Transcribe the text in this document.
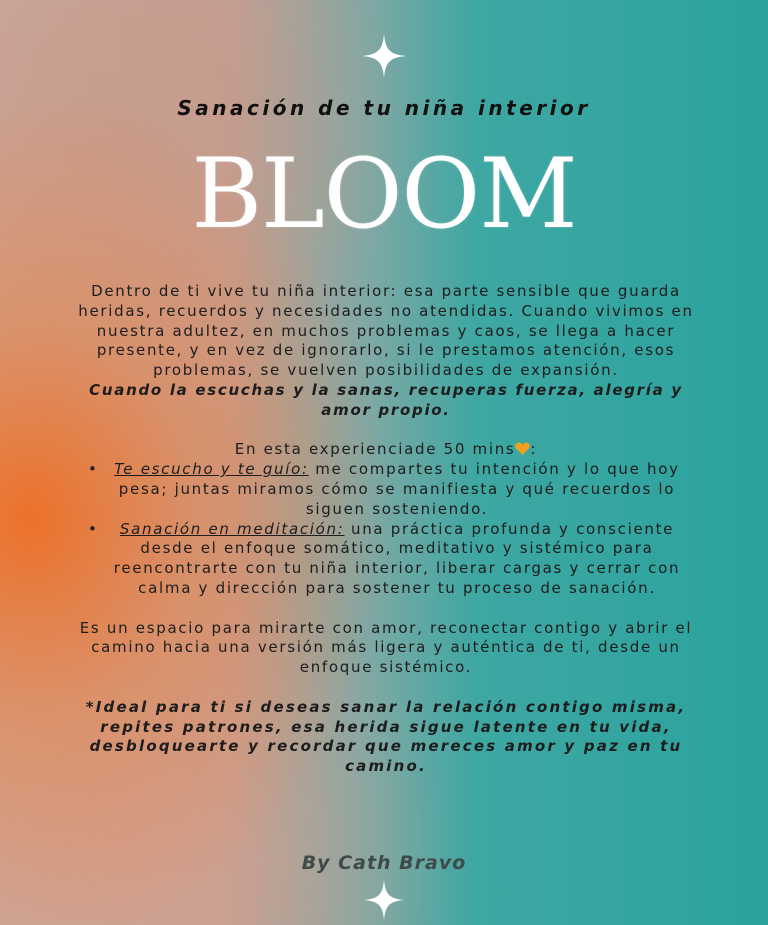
Sanación de tu niña interior
BLOOM

Dentro de ti vive tu niña interior: esa parte sensible que guarda heridas, recuerdos y necesidades no atendidas. Cuando vivimos en nuestra adultez, en muchos problemas y caos, se llega a hacer presente, y en vez de ignorarlo, si le prestamos atención, esos problemas, se vuelven posibilidades de expansión.

Cuando la escuchas y la sanas, recuperas fuerza, alegría y amor propio.

En esta experienciade 50 mins :

• Te escucho y te guío: me compartes tu intención y lo que hoy pesa; juntas miramos cómo se manifiesta y qué recuerdos lo siguen sosteniendo.
• Sanación en meditación: una práctica profunda y consciente desde el enfoque somático, meditativo y sistémico para reencontrarte con tu niña interior, liberar cargas y cerrar con calma y dirección para sostener tu proceso de sanación.

Es un espacio para mirarte con amor, reconectar contigo y abrir el camino hacia una versión más ligera y auténtica de ti, desde un enfoque sistémico.

*Ideal para ti si deseas sanar la relación contigo misma, repites patrones, esa herida sigue latente en tu vida, desbloquearte y recordar que mereces amor y paz en tu camino.

By Cath Bravo
